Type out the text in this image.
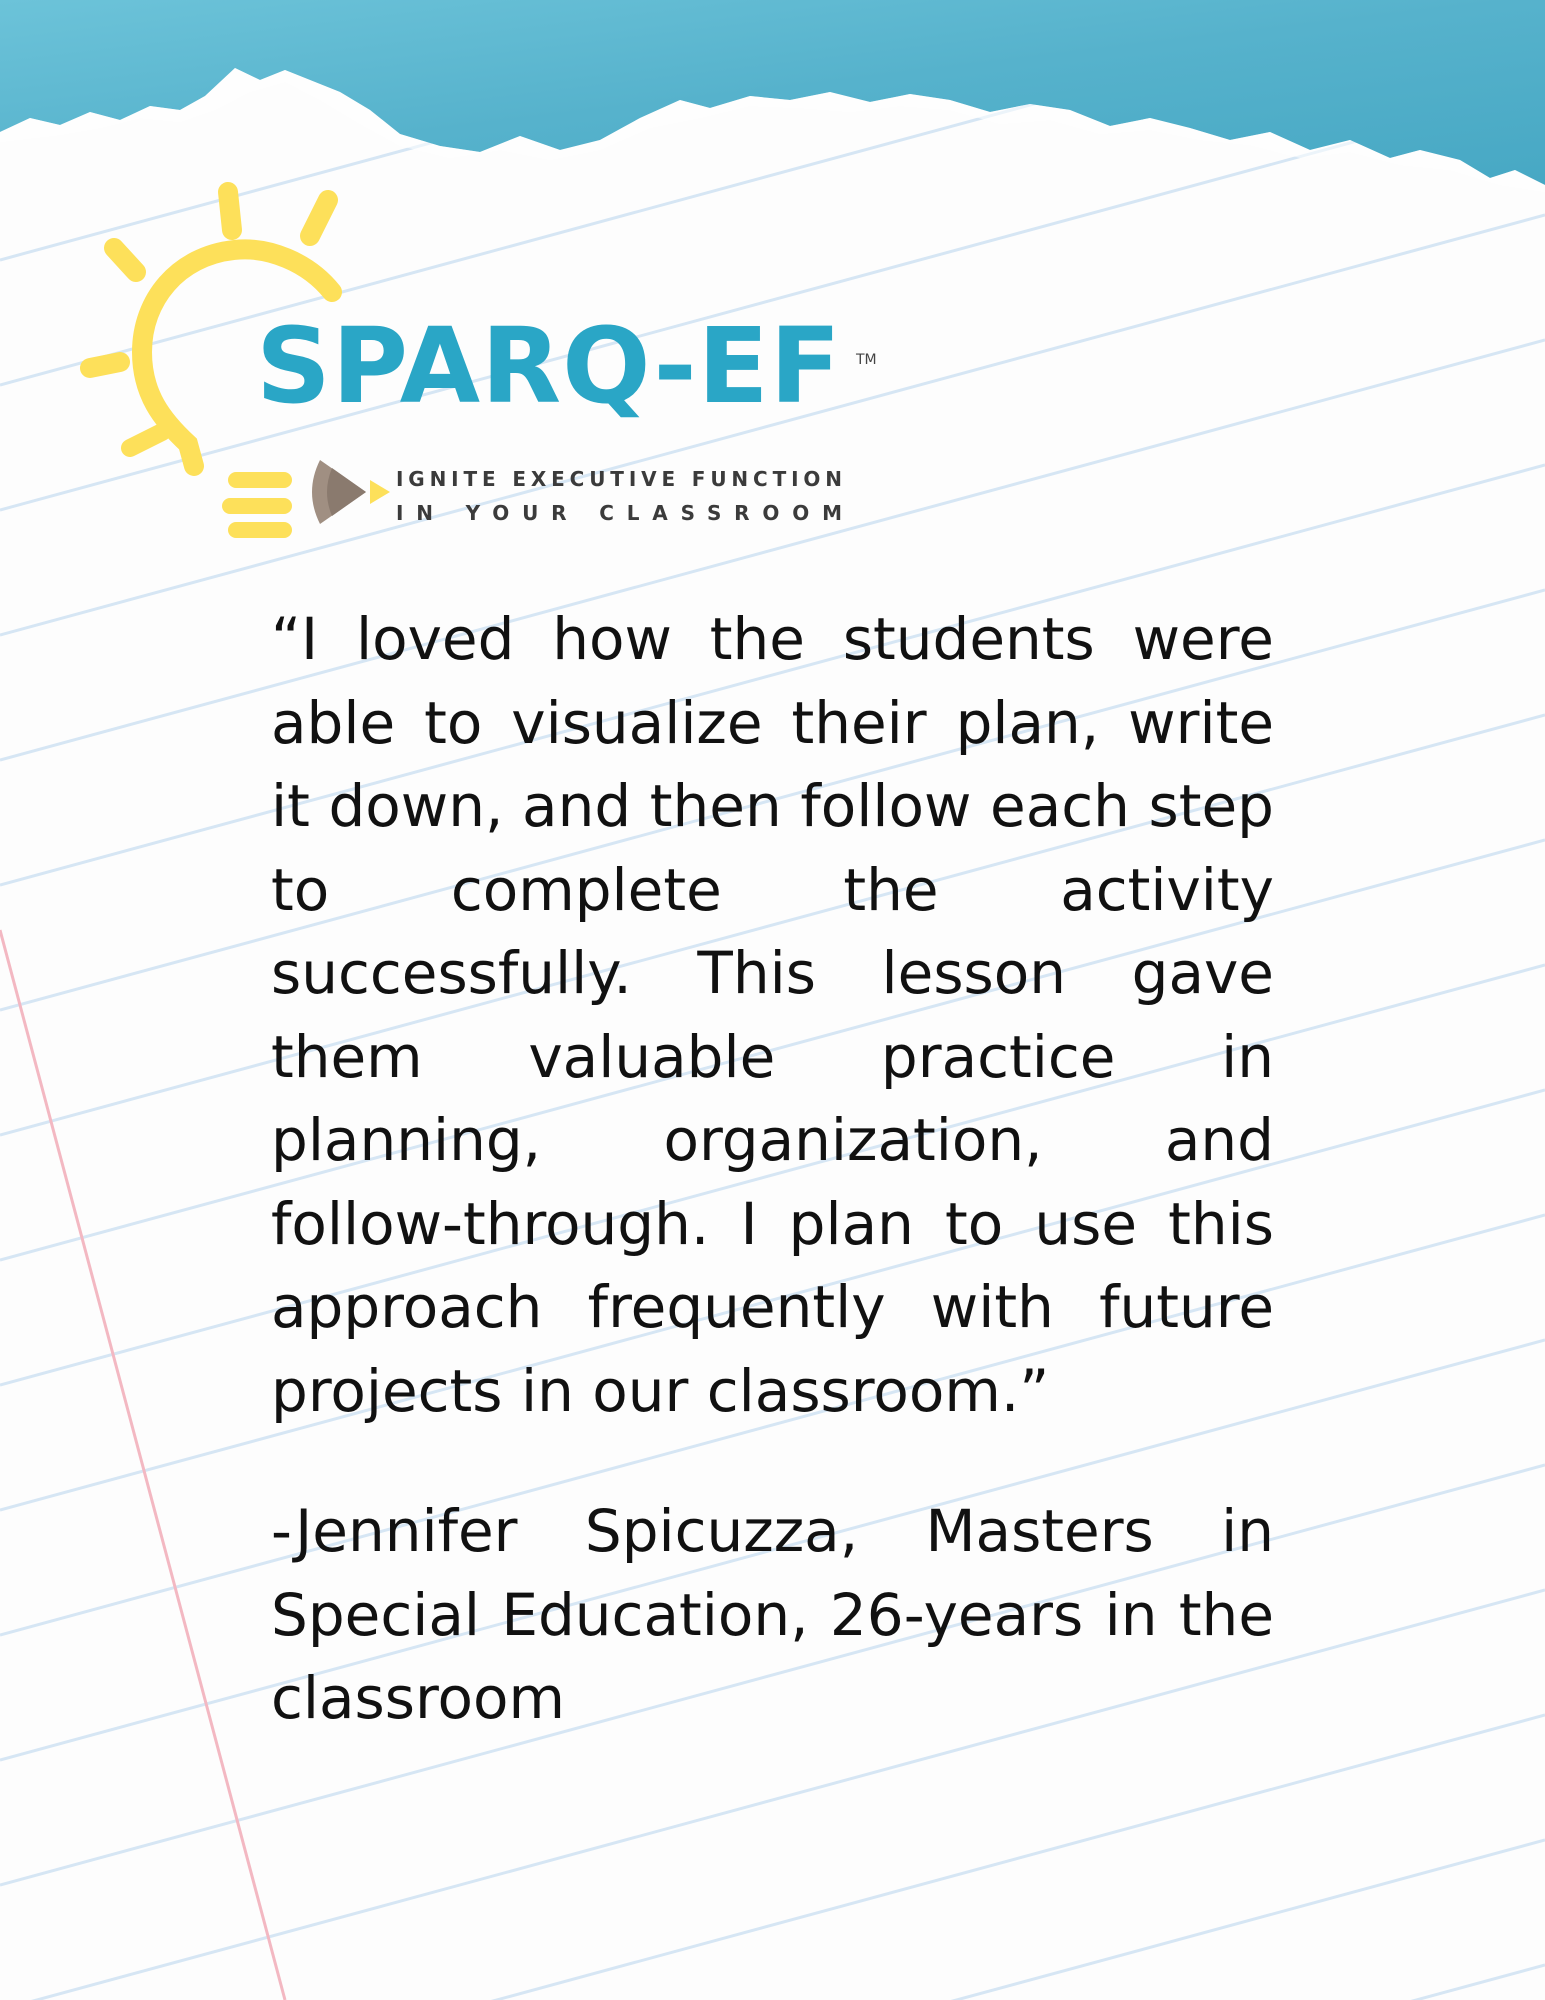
SPARQ-EF TM
IGNITE EXECUTIVE FUNCTION
IN YOUR CLASSROOM

“I loved how the students were able to visualize their plan, write it down, and then follow each step to complete the activity successfully. This lesson gave them valuable practice in planning, organization, and follow-through. I plan to use this approach frequently with future projects in our classroom.”

-Jennifer Spicuzza, Masters in Special Education, 26-years in the classroom
